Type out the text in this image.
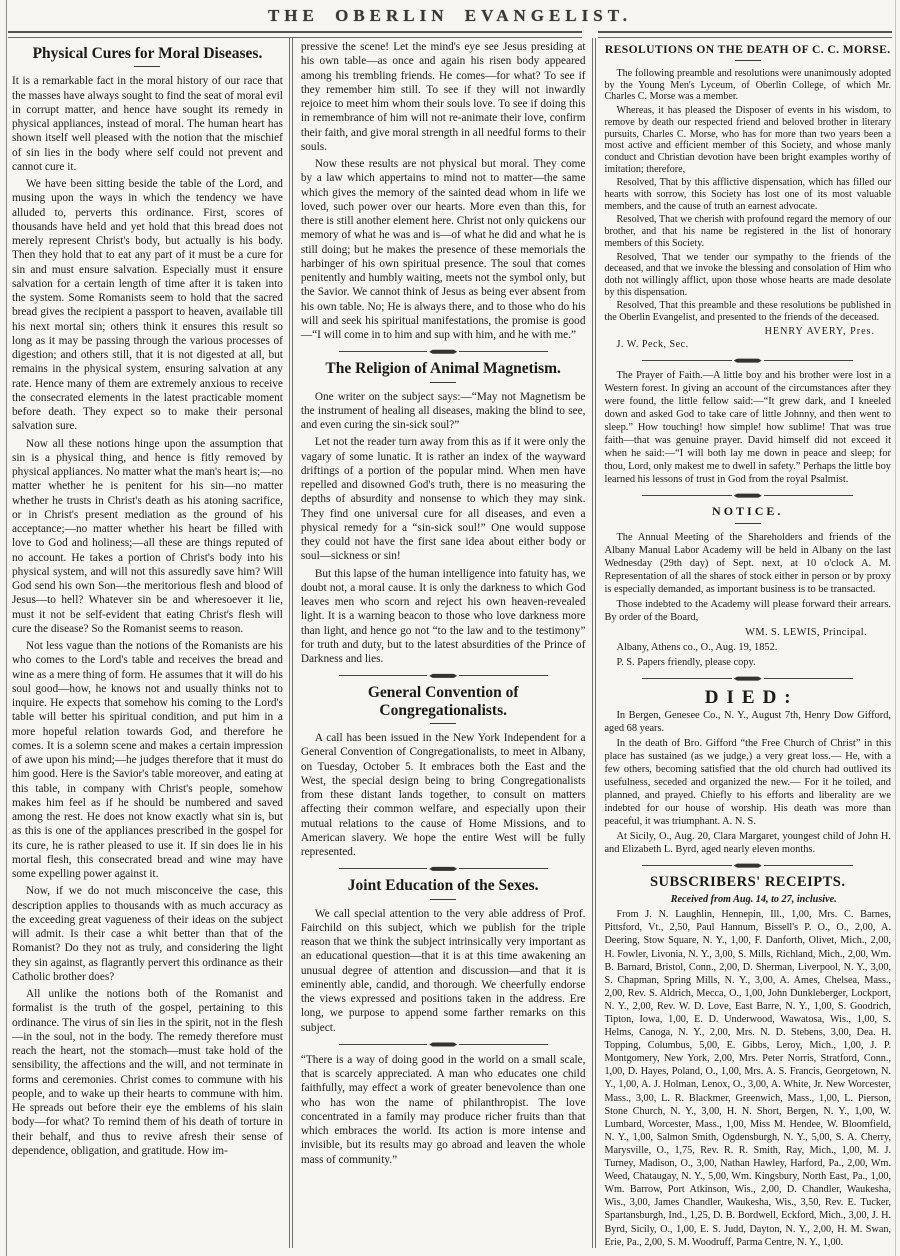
THE OBERLIN EVANGELIST.
Physical Cures for Moral Diseases.

It is a remarkable fact in the moral history of our race that the masses have always sought to find the seat of moral evil in corrupt matter, and hence have sought its remedy in physical appliances, instead of moral. The human heart has shown itself well pleased with the notion that the mischief of sin lies in the body where self could not prevent and cannot cure it.

We have been sitting beside the table of the Lord, and musing upon the ways in which the tendency we have alluded to, perverts this ordinance. First, scores of thousands have held and yet hold that this bread does not merely represent Christ's body, but actually is his body. Then they hold that to eat any part of it must be a cure for sin and must ensure salvation. Especially must it ensure salvation for a certain length of time after it is taken into the system. Some Romanists seem to hold that the sacred bread gives the recipient a passport to heaven, available till his next mortal sin; others think it ensures this result so long as it may be passing through the various processes of digestion; and others still, that it is not digested at all, but remains in the physical system, ensuring salvation at any rate. Hence many of them are extremely anxious to receive the consecrated elements in the latest practicable moment before death. They expect so to make their personal salvation sure.

Now all these notions hinge upon the assumption that sin is a physical thing, and hence is fitly removed by physical appliances. No matter what the man's heart is;—no matter whether he is penitent for his sin—no matter whether he trusts in Christ's death as his atoning sacrifice, or in Christ's present mediation as the ground of his acceptance;—no matter whether his heart be filled with love to God and holiness;—all these are things reputed of no account. He takes a portion of Christ's body into his physical system, and will not this assuredly save him? Will God send his own Son—the meritorious flesh and blood of Jesus—to hell? Whatever sin be and wheresoever it lie, must it not be self-evident that eating Christ's flesh will cure the disease? So the Romanist seems to reason.

Not less vague than the notions of the Romanists are his who comes to the Lord's table and receives the bread and wine as a mere thing of form. He assumes that it will do his soul good—how, he knows not and usually thinks not to inquire. He expects that somehow his coming to the Lord's table will better his spiritual condition, and put him in a more hopeful relation towards God, and therefore he comes. It is a solemn scene and makes a certain impression of awe upon his mind;—he judges therefore that it must do him good. Here is the Savior's table moreover, and eating at this table, in company with Christ's people, somehow makes him feel as if he should be numbered and saved among the rest. He does not know exactly what sin is, but as this is one of the appliances prescribed in the gospel for its cure, he is rather pleased to use it. If sin does lie in his mortal flesh, this consecrated bread and wine may have some expelling power against it.

Now, if we do not much misconceive the case, this description applies to thousands with as much accuracy as the exceeding great vagueness of their ideas on the subject will admit. Is their case a whit better than that of the Romanist? Do they not as truly, and considering the light they sin against, as flagrantly pervert this ordinance as their Catholic brother does?

All unlike the notions both of the Romanist and formalist is the truth of the gospel, pertaining to this ordinance. The virus of sin lies in the spirit, not in the flesh—in the soul, not in the body. The remedy therefore must reach the heart, not the stomach—must take hold of the sensibility, the affections and the will, and not terminate in forms and ceremonies. Christ comes to commune with his people, and to wake up their hearts to commune with him. He spreads out before their eye the emblems of his slain body—for what? To remind them of his death of torture in their behalf, and thus to revive afresh their sense of dependence, obligation, and gratitude. How im-

pressive the scene! Let the mind's eye see Jesus presiding at his own table—as once and again his risen body appeared among his trembling friends. He comes—for what? To see if they remember him still. To see if they will not inwardly rejoice to meet him whom their souls love. To see if doing this in remembrance of him will not re-animate their love, confirm their faith, and give moral strength in all needful forms to their souls.

Now these results are not physical but moral. They come by a law which appertains to mind not to matter—the same which gives the memory of the sainted dead whom in life we loved, such power over our hearts. More even than this, for there is still another element here. Christ not only quickens our memory of what he was and is—of what he did and what he is still doing; but he makes the presence of these memorials the harbinger of his own spiritual presence. The soul that comes penitently and humbly waiting, meets not the symbol only, but the Savior. We cannot think of Jesus as being ever absent from his own table. No; He is always there, and to those who do his will and seek his spiritual manifestations, the promise is good—“I will come in to him and sup with him, and he with me.”

The Religion of Animal Magnetism.

One writer on the subject says:—“May not Magnetism be the instrument of healing all diseases, making the blind to see, and even curing the sin-sick soul?”

Let not the reader turn away from this as if it were only the vagary of some lunatic. It is rather an index of the wayward driftings of a portion of the popular mind. When men have repelled and disowned God's truth, there is no measuring the depths of absurdity and nonsense to which they may sink. They find one universal cure for all diseases, and even a physical remedy for a “sin-sick soul!” One would suppose they could not have the first sane idea about either body or soul—sickness or sin!

But this lapse of the human intelligence into fatuity has, we doubt not, a moral cause. It is only the darkness to which God leaves men who scorn and reject his own heaven-revealed light. It is a warning beacon to those who love darkness more than light, and hence go not “to the law and to the testimony” for truth and duty, but to the latest absurdities of the Prince of Darkness and lies.

General Convention of Congregationalists.

A call has been issued in the New York Independent for a General Convention of Congregationalists, to meet in Albany, on Tuesday, October 5. It embraces both the East and the West, the special design being to bring Congregationalists from these distant lands together, to consult on matters affecting their common welfare, and especially upon their mutual relations to the cause of Home Missions, and to American slavery. We hope the entire West will be fully represented.

Joint Education of the Sexes.

We call special attention to the very able address of Prof. Fairchild on this subject, which we publish for the triple reason that we think the subject intrinsically very important as an educational question—that it is at this time awakening an unusual degree of attention and discussion—and that it is eminently able, candid, and thorough. We cheerfully endorse the views expressed and positions taken in the address. Ere long, we purpose to append some farther remarks on this subject.

“There is a way of doing good in the world on a small scale, that is scarcely appreciated. A man who educates one child faithfully, may effect a work of greater benevolence than one who has won the name of philanthropist. The love concentrated in a family may produce richer fruits than that which embraces the world. Its action is more intense and invisible, but its results may go abroad and leaven the whole mass of community.”

RESOLUTIONS ON THE DEATH OF C. C. MORSE.

The following preamble and resolutions were unanimously adopted by the Young Men's Lyceum, of Oberlin College, of which Mr. Charles C. Morse was a member.

Whereas, it has pleased the Disposer of events in his wisdom, to remove by death our respected friend and beloved brother in literary pursuits, Charles C. Morse, who has for more than two years been a most active and efficient member of this Society, and whose manly conduct and Christian devotion have been bright examples worthy of imitation; therefore,

Resolved, That by this afflictive dispensation, which has filled our hearts with sorrow, this Society has lost one of its most valuable members, and the cause of truth an earnest advocate.

Resolved, That we cherish with profound regard the memory of our brother, and that his name be registered in the list of honorary members of this Society.

Resolved, That we tender our sympathy to the friends of the deceased, and that we invoke the blessing and consolation of Him who doth not willingly afflict, upon those whose hearts are made desolate by this dispensation.

Resolved, That this preamble and these resolutions be published in the Oberlin Evangelist, and presented to the friends of the deceased.

HENRY AVERY, Pres.

J. W. Peck, Sec.

The Prayer of Faith.—A little boy and his brother were lost in a Western forest. In giving an account of the circumstances after they were found, the little fellow said:—“It grew dark, and I kneeled down and asked God to take care of little Johnny, and then went to sleep.” How touching! how simple! how sublime! That was true faith—that was genuine prayer. David himself did not exceed it when he said:—“I will both lay me down in peace and sleep; for thou, Lord, only makest me to dwell in safety.” Perhaps the little boy learned his lessons of trust in God from the royal Psalmist.

NOTICE.

The Annual Meeting of the Shareholders and friends of the Albany Manual Labor Academy will be held in Albany on the last Wednesday (29th day) of Sept. next, at 10 o'clock A. M. Representation of all the shares of stock either in person or by proxy is especially demanded, as important business is to be transacted.

Those indebted to the Academy will please forward their arrears. By order of the Board,

WM. S. LEWIS, Principal.

Albany, Athens co., O., Aug. 19, 1852.

P. S. Papers friendly, please copy.

DIED:

In Bergen, Genesee Co., N. Y., August 7th, Henry Dow Gifford, aged 68 years.

In the death of Bro. Gifford “the Free Church of Christ” in this place has sustained (as we judge,) a very great loss.— He, with a few others, becoming satisfied that the old church had outlived its usefulness, seceded and organized the new.— For it he toiled, and planned, and prayed. Chiefly to his efforts and liberality are we indebted for our house of worship. His death was more than peaceful, it was triumphant. A. N. S.

At Sicily, O., Aug. 20, Clara Margaret, youngest child of John H. and Elizabeth L. Byrd, aged nearly eleven months.

SUBSCRIBERS' RECEIPTS.

Received from Aug. 14, to 27, inclusive.

From J. N. Laughlin, Hennepin, Ill., 1,00, Mrs. C. Barnes, Pittsford, Vt., 2,50, Paul Hannum, Bissell's P. O., O., 2,00, A. Deering, Stow Square, N. Y., 1,00, F. Danforth, Olivet, Mich., 2,00, H. Fowler, Livonia, N. Y., 3,00, S. Mills, Richland, Mich., 2,00, Wm. B. Barnard, Bristol, Conn., 2,00, D. Sherman, Liverpool, N. Y., 3,00, S. Chapman, Spring Mills, N. Y., 3,00, A. Ames, Chelsea, Mass., 2,00, Rev. S. Aldrich, Mecca, O., 1,00, John Dunkleberger, Lockport, N. Y., 2,00, Rev. W. D. Love, East Barre, N. Y., 1,00, S. Goodrich, Tipton, Iowa, 1,00, E. D. Underwood, Wawatosa, Wis., 1,00, S. Helms, Canoga, N. Y., 2,00, Mrs. N. D. Stebens, 3,00, Dea. H. Topping, Columbus, 5,00, E. Gibbs, Leroy, Mich., 1,00, J. P. Montgomery, New York, 2,00, Mrs. Peter Norris, Stratford, Conn., 1,00, D. Hayes, Poland, O., 1,00, Mrs. A. S. Francis, Georgetown, N. Y., 1,00, A. J. Holman, Lenox, O., 3,00, A. White, Jr. New Worcester, Mass., 3,00, L. R. Blackmer, Greenwich, Mass., 1,00, L. Pierson, Stone Church, N. Y., 3,00, H. N. Short, Bergen, N. Y., 1,00, W. Lumbard, Worcester, Mass., 1,00, Miss M. Hendee, W. Bloomfield, N. Y., 1,00, Salmon Smith, Ogdensburgh, N. Y., 5,00, S. A. Cherry, Marysville, O., 1,75, Rev. R. R. Smith, Ray, Mich., 1,00, M. J. Turney, Madison, O., 3,00, Nathan Hawley, Harford, Pa., 2,00, Wm. Weed, Chataugay, N. Y., 5,00, Wm. Kingsbury, North East, Pa., 1,00, Wm. Barrow, Port Atkinson, Wis., 2,00, D. Chandler, Waukesha, Wis., 3,00, James Chandler, Waukesha, Wis., 3,50, Rev. E. Tucker, Spartansburgh, Ind., 1,25, D. B. Bordwell, Eckford, Mich., 3,00, J. H. Byrd, Sicily, O., 1,00, E. S. Judd, Dayton, N. Y., 2,00, H. M. Swan, Erie, Pa., 2,00, S. M. Woodruff, Parma Centre, N. Y., 1,00.
